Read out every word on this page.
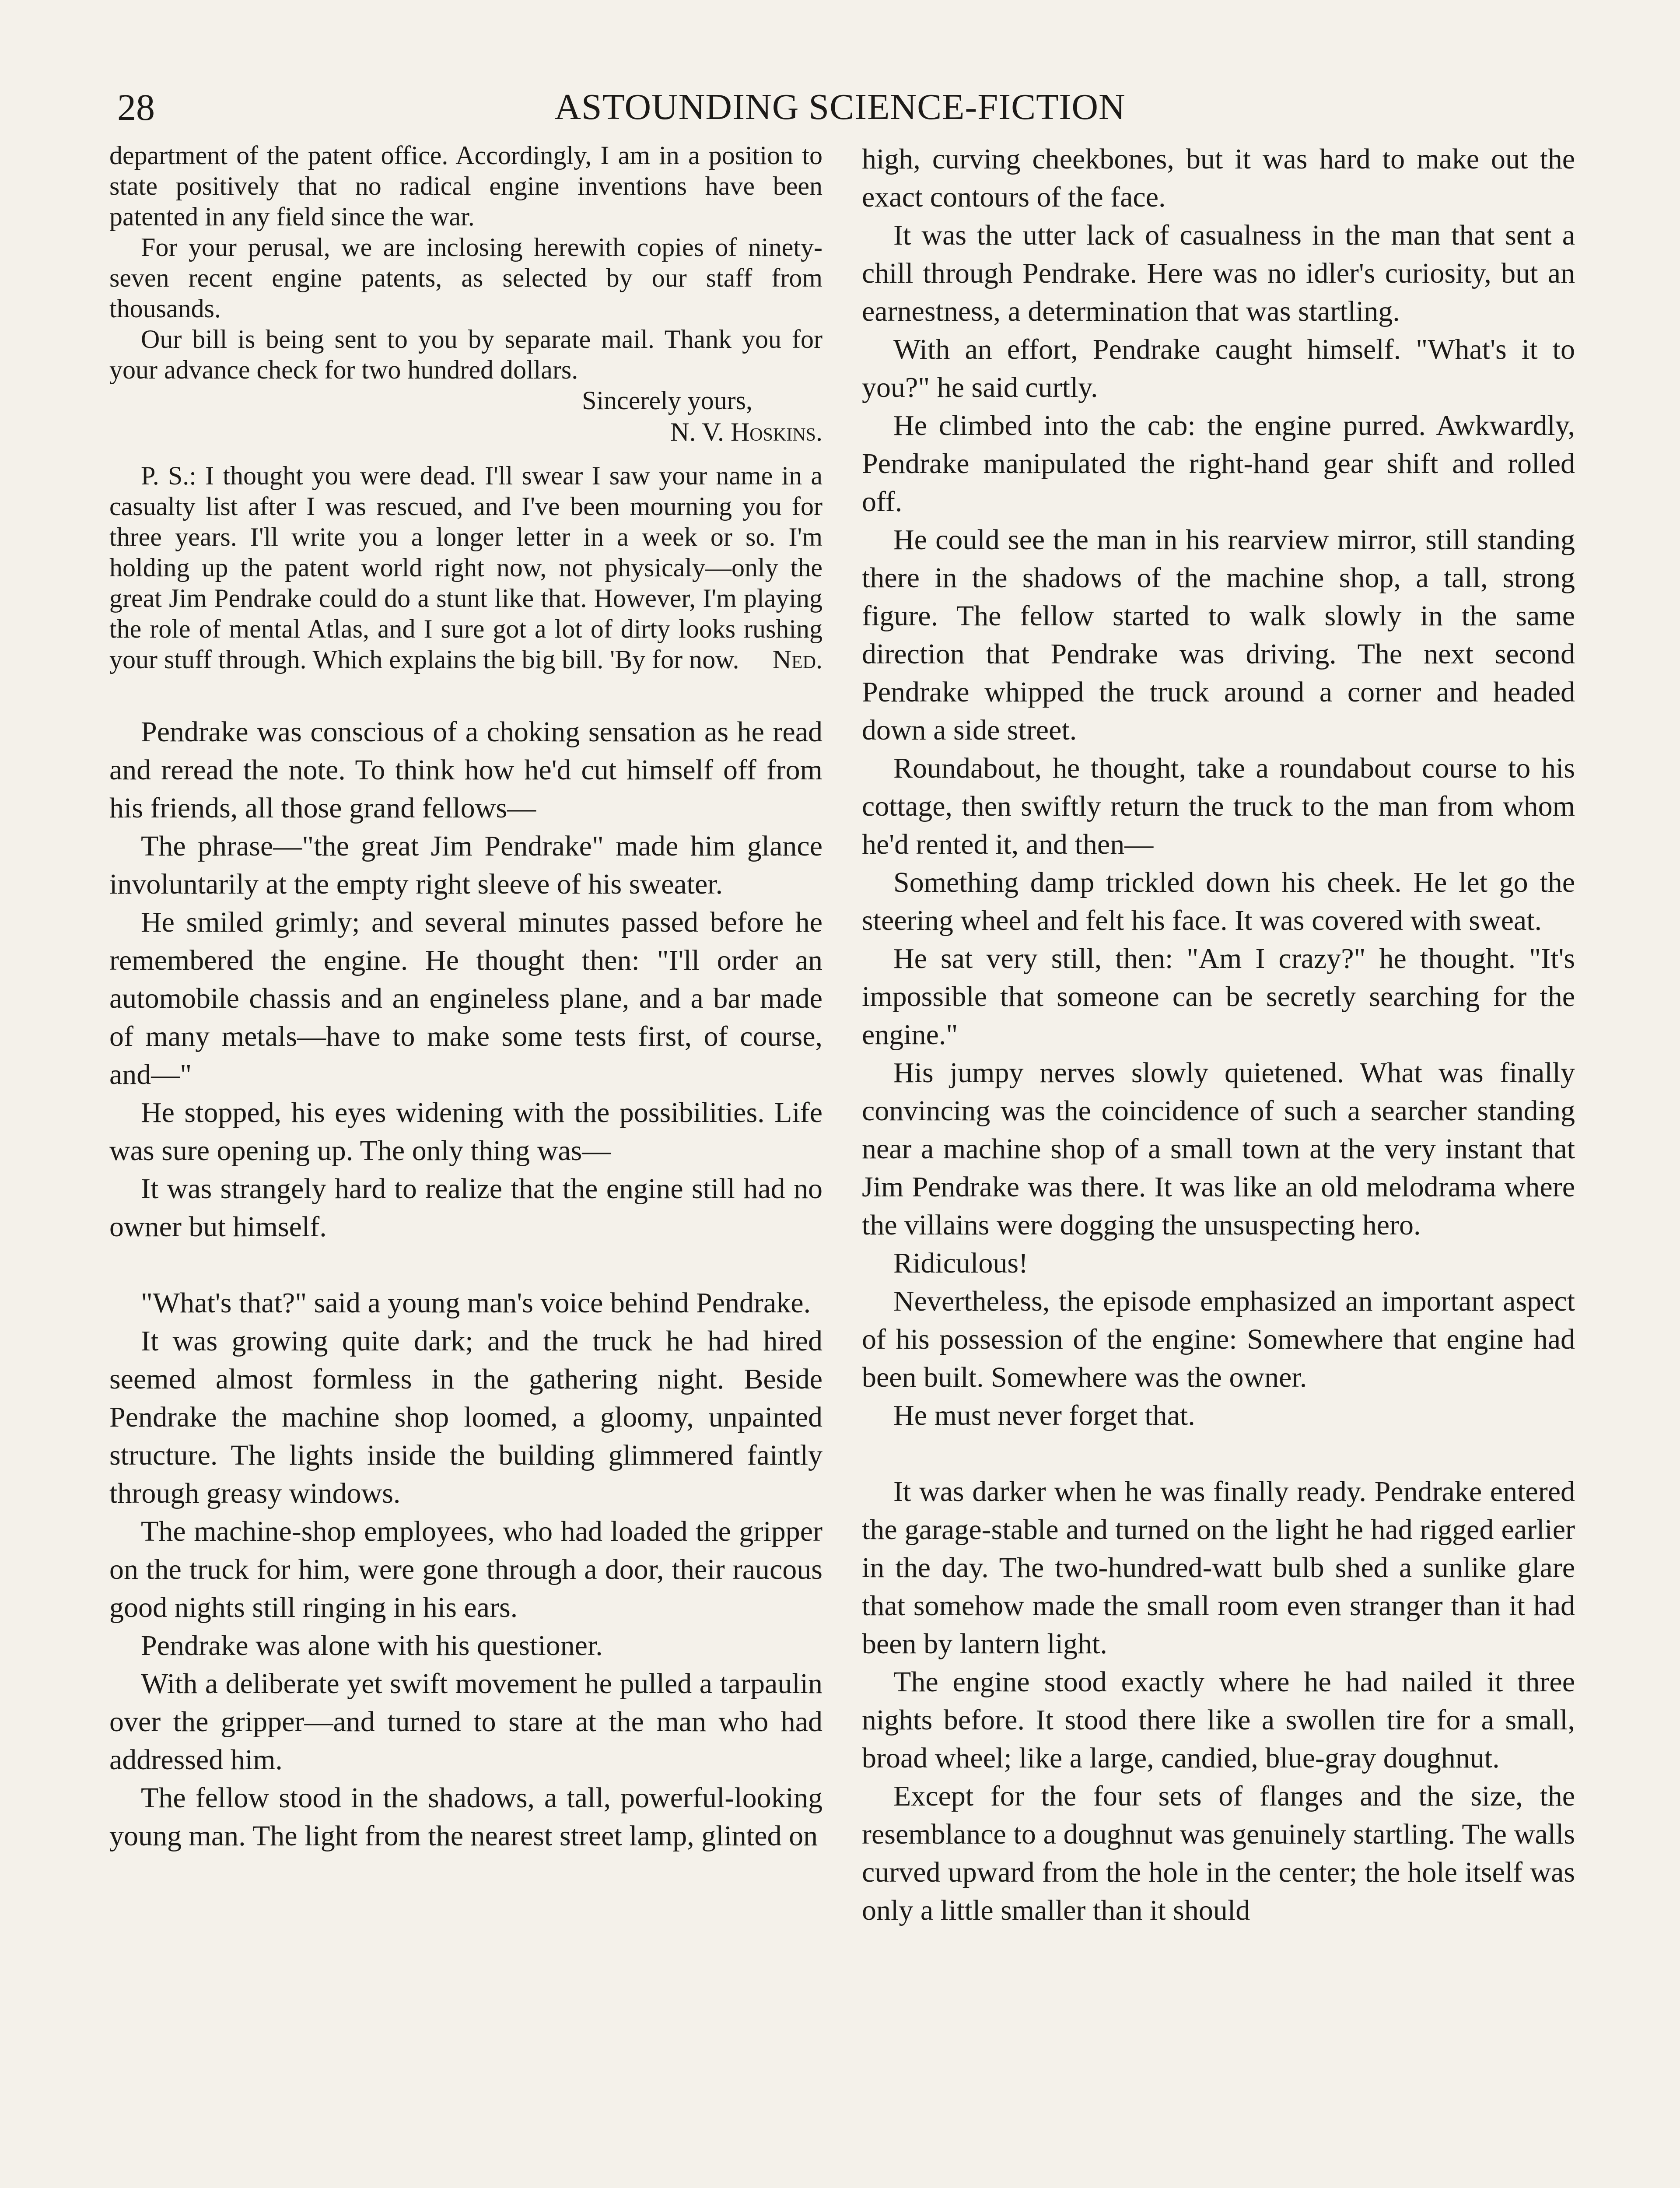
28	ASTOUNDING SCIENCE-FICTION

department of the patent office. Accordingly, I am in a position to state positively that no radical engine inventions have been patented in any field since the war.

For your perusal, we are inclosing herewith copies of ninety-seven recent engine patents, as selected by our staff from thousands.

Our bill is being sent to you by separate mail. Thank you for your advance check for two hundred dollars.

Sincerely yours,

N. V. Hoskins.

P. S.: I thought you were dead. I'll swear I saw your name in a casualty list after I was rescued, and I've been mourning you for three years. I'll write you a longer letter in a week or so. I'm holding up the patent world right now, not physicaly—only the great Jim Pendrake could do a stunt like that. However, I'm playing the role of mental Atlas, and I sure got a lot of dirty looks rushing your stuff through. Which explains the big bill. 'By for now.	Ned.

Pendrake was conscious of a choking sensation as he read and reread the note. To think how he'd cut himself off from his friends, all those grand fellows—

The phrase—"the great Jim Pendrake" made him glance involuntarily at the empty right sleeve of his sweater.

He smiled grimly; and several minutes passed before he remembered the engine. He thought then: "I'll order an automobile chassis and an engineless plane, and a bar made of many metals—have to make some tests first, of course, and—"

He stopped, his eyes widening with the possibilities. Life was sure opening up. The only thing was—

It was strangely hard to realize that the engine still had no owner but himself.

"What's that?" said a young man's voice behind Pendrake.

It was growing quite dark; and the truck he had hired seemed almost formless in the gathering night. Beside Pendrake the machine shop loomed, a gloomy, unpainted structure. The lights inside the building glimmered faintly through greasy windows.

The machine-shop employees, who had loaded the gripper on the truck for him, were gone through a door, their raucous good nights still ringing in his ears.

Pendrake was alone with his questioner.

With a deliberate yet swift movement he pulled a tarpaulin over the gripper—and turned to stare at the man who had addressed him.

The fellow stood in the shadows, a tall, powerful-looking young man. The light from the nearest street lamp, glinted on

high, curving cheekbones, but it was hard to make out the exact contours of the face.

It was the utter lack of casualness in the man that sent a chill through Pendrake. Here was no idler's curiosity, but an earnestness, a determination that was startling.

With an effort, Pendrake caught himself. "What's it to you?" he said curtly.

He climbed into the cab: the engine purred. Awkwardly, Pendrake manipulated the right-hand gear shift and rolled off.

He could see the man in his rearview mirror, still standing there in the shadows of the machine shop, a tall, strong figure. The fellow started to walk slowly in the same direction that Pendrake was driving. The next second Pendrake whipped the truck around a corner and headed down a side street.

Roundabout, he thought, take a roundabout course to his cottage, then swiftly return the truck to the man from whom he'd rented it, and then—

Something damp trickled down his cheek. He let go the steering wheel and felt his face. It was covered with sweat.

He sat very still, then: "Am I crazy?" he thought. "It's impossible that someone can be secretly searching for the engine."

His jumpy nerves slowly quietened. What was finally convincing was the coincidence of such a searcher standing near a machine shop of a small town at the very instant that Jim Pendrake was there. It was like an old melodrama where the villains were dogging the unsuspecting hero.

Ridiculous!

Nevertheless, the episode emphasized an important aspect of his possession of the engine: Somewhere that engine had been built. Somewhere was the owner.

He must never forget that.

It was darker when he was finally ready. Pendrake entered the garage-stable and turned on the light he had rigged earlier in the day. The two-hundred-watt bulb shed a sunlike glare that somehow made the small room even stranger than it had been by lantern light.

The engine stood exactly where he had nailed it three nights before. It stood there like a swollen tire for a small, broad wheel; like a large, candied, blue-gray doughnut.

Except for the four sets of flanges and the size, the resemblance to a doughnut was genuinely startling. The walls curved upward from the hole in the center; the hole itself was only a little smaller than it should
